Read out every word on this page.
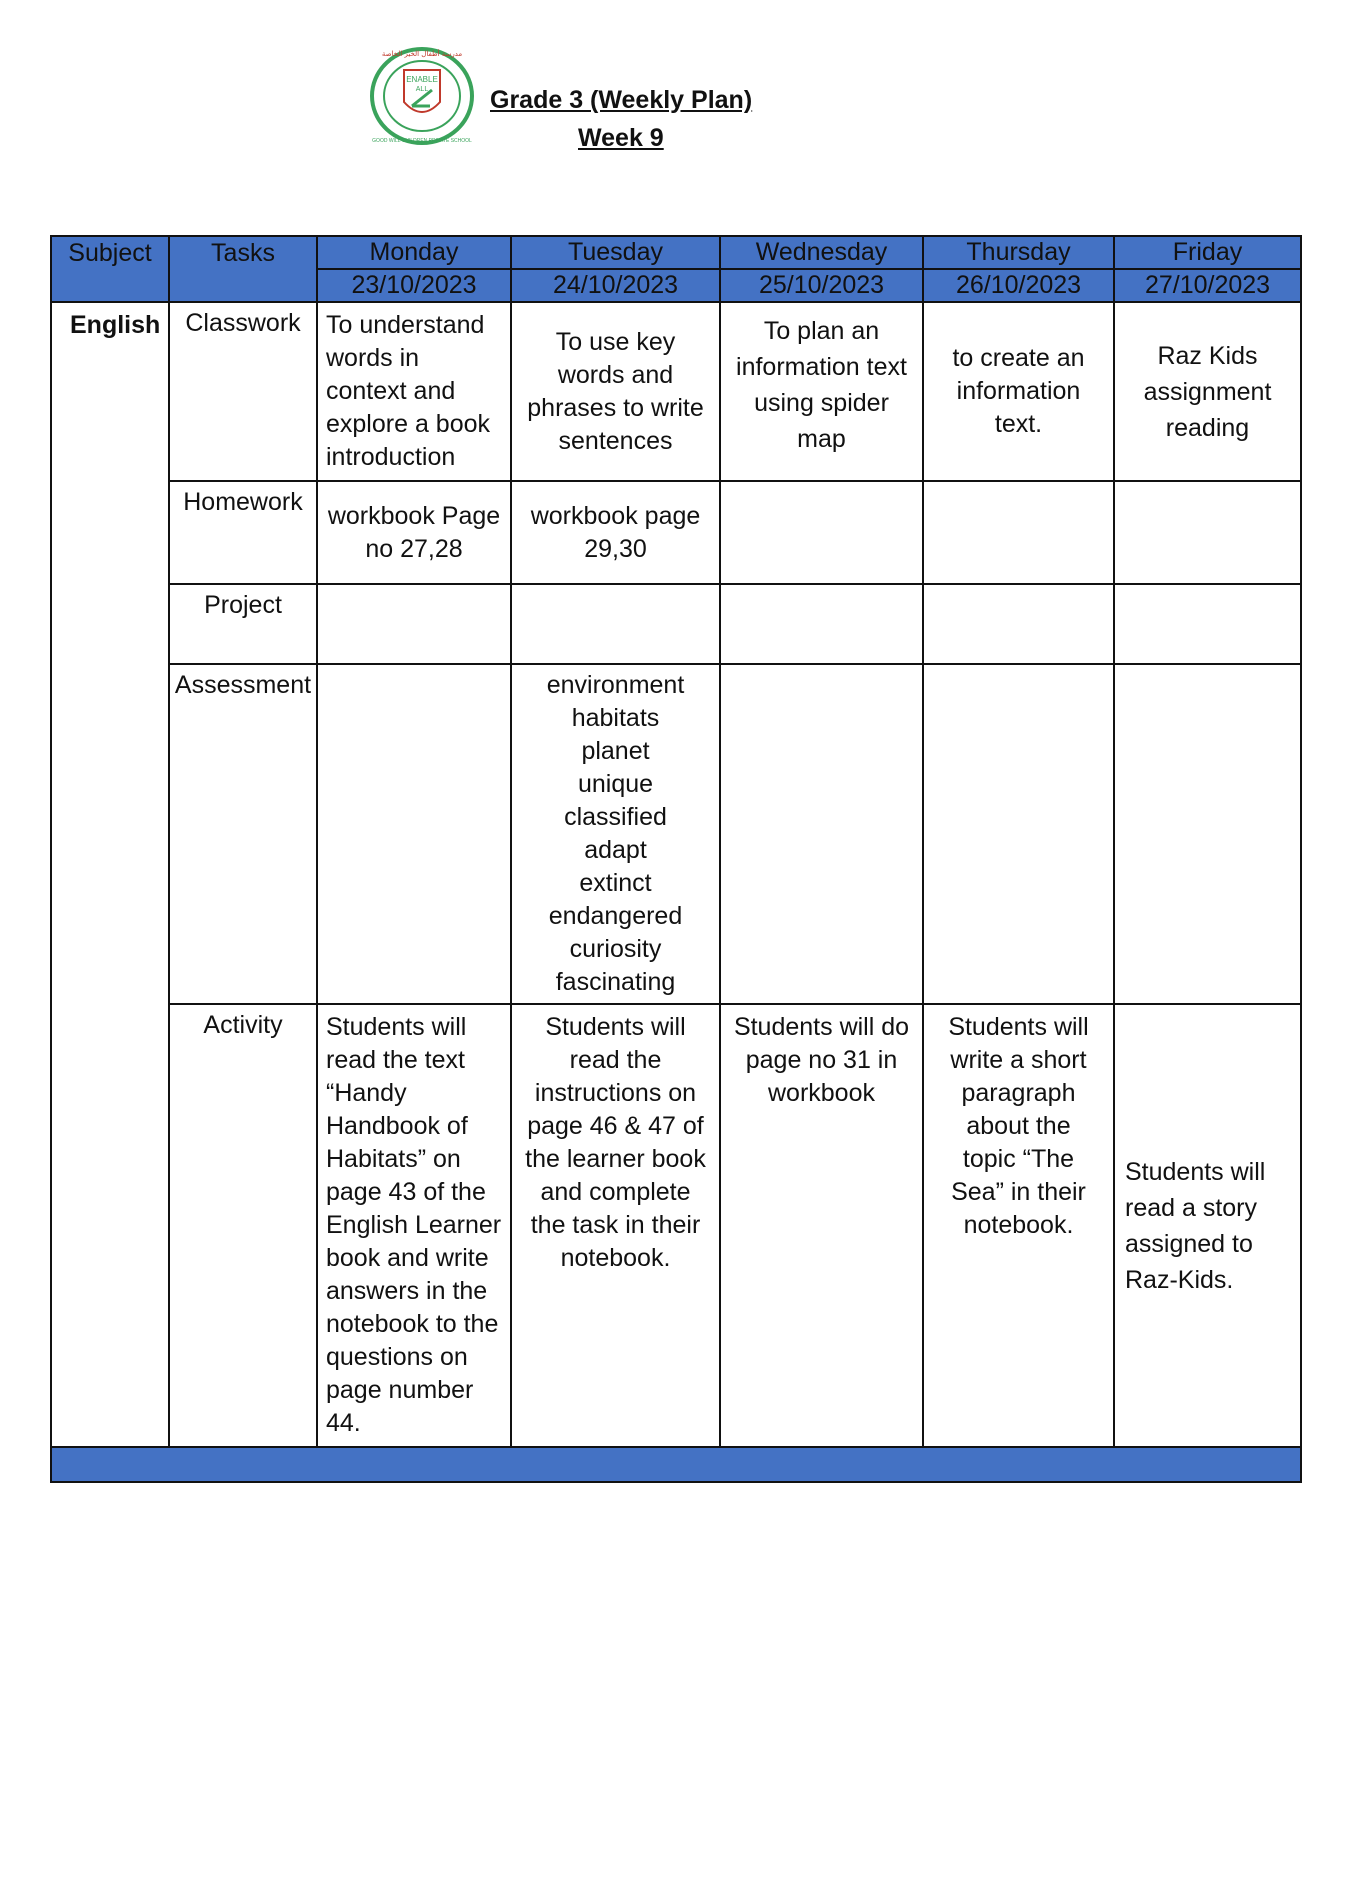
ENABLE
ALL
مدرسة أطفال الخير الخاصة
GOOD WILL CHILDREN PRIVATE SCHOOL
Grade 3 (Weekly Plan)
Week 9
Subject	Tasks	Monday	Tuesday	Wednesday	Thursday	Friday
		23/10/2023	24/10/2023	25/10/2023	26/10/2023	27/10/2023
English	Classwork	To understand words in context and explore a book introduction	To use key words and phrases to write sentences	To plan an information text using spider map	to create an information text.	Raz Kids assignment reading
	Homework	workbook Page no 27,28	workbook page 29,30			
	Project					
	Assessment		environment habitats planet unique classified adapt extinct endangered curiosity fascinating			
	Activity	Students will read the text “Handy Handbook of Habitats” on page 43 of the English Learner book and write answers in the notebook to the questions on page number 44.	Students will read the instructions on page 46 & 47 of the learner book and complete the task in their notebook.	Students will do page no 31 in workbook	Students will write a short paragraph about the topic “The Sea” in their notebook.	Students will read a story assigned to Raz-Kids.
